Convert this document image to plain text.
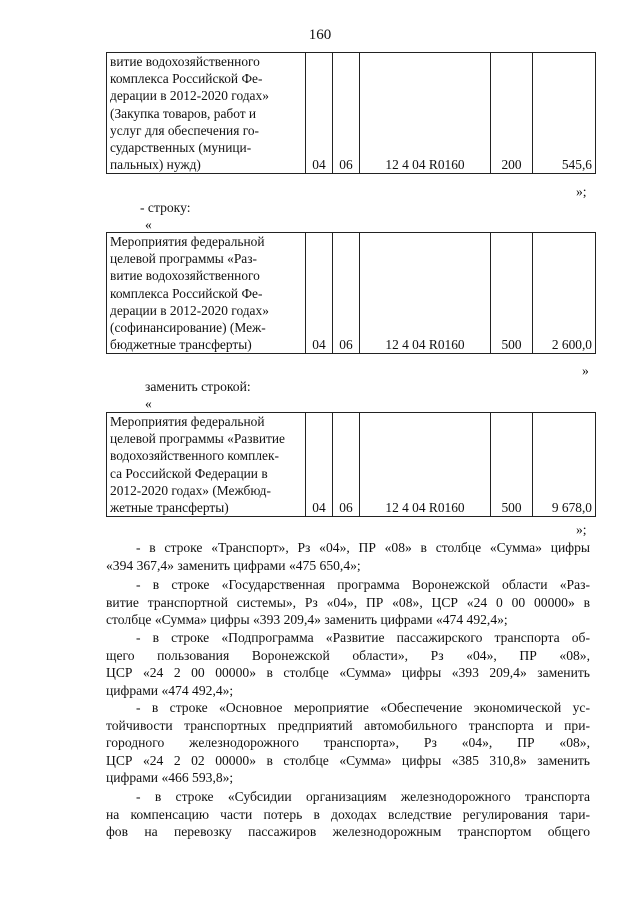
160
витие водохозяйственного
комплекса Российской Фе-
дерации в 2012-2020 годах»
(Закупка товаров, работ и
услуг для обеспечения го-
сударственных (муници-
пальных) нужд)	04	06	12 4 04 R0160	200	545,6
»;
- строку:
«
Мероприятия федеральной
целевой программы «Раз-
витие водохозяйственного
комплекса Российской Фе-
дерации в 2012-2020 годах»
(софинансирование) (Меж-
бюджетные трансферты)	04	06	12 4 04 R0160	500	2 600,0
»
заменить строкой:
«
Мероприятия федеральной
целевой программы «Развитие
водохозяйственного комплек-
са Российской Федерации в
2012-2020 годах» (Межбюд-
жетные трансферты)	04	06	12 4 04 R0160	500	9 678,0
»;
- в строке «Транспорт», Рз «04», ПР «08» в столбце «Сумма» цифры
«394 367,4» заменить цифрами «475 650,4»;
- в строке «Государственная программа Воронежской области «Раз-
витие транспортной системы», Рз «04», ПР «08», ЦСР «24 0 00 00000» в
столбце «Сумма» цифры «393 209,4» заменить цифрами «474 492,4»;
- в строке «Подпрограмма «Развитие пассажирского транспорта об-
щего пользования Воронежской области», Рз «04», ПР «08»,
ЦСР «24 2 00 00000» в столбце «Сумма» цифры «393 209,4» заменить
цифрами «474 492,4»;
- в строке «Основное мероприятие «Обеспечение экономической ус-
тойчивости транспортных предприятий автомобильного транспорта и при-
городного железнодорожного транспорта», Рз «04», ПР «08»,
ЦСР «24 2 02 00000» в столбце «Сумма» цифры «385 310,8» заменить
цифрами «466 593,8»;
- в строке «Субсидии организациям железнодорожного транспорта
на компенсацию части потерь в доходах вследствие регулирования тари-
фов на перевозку пассажиров железнодорожным транспортом общего
